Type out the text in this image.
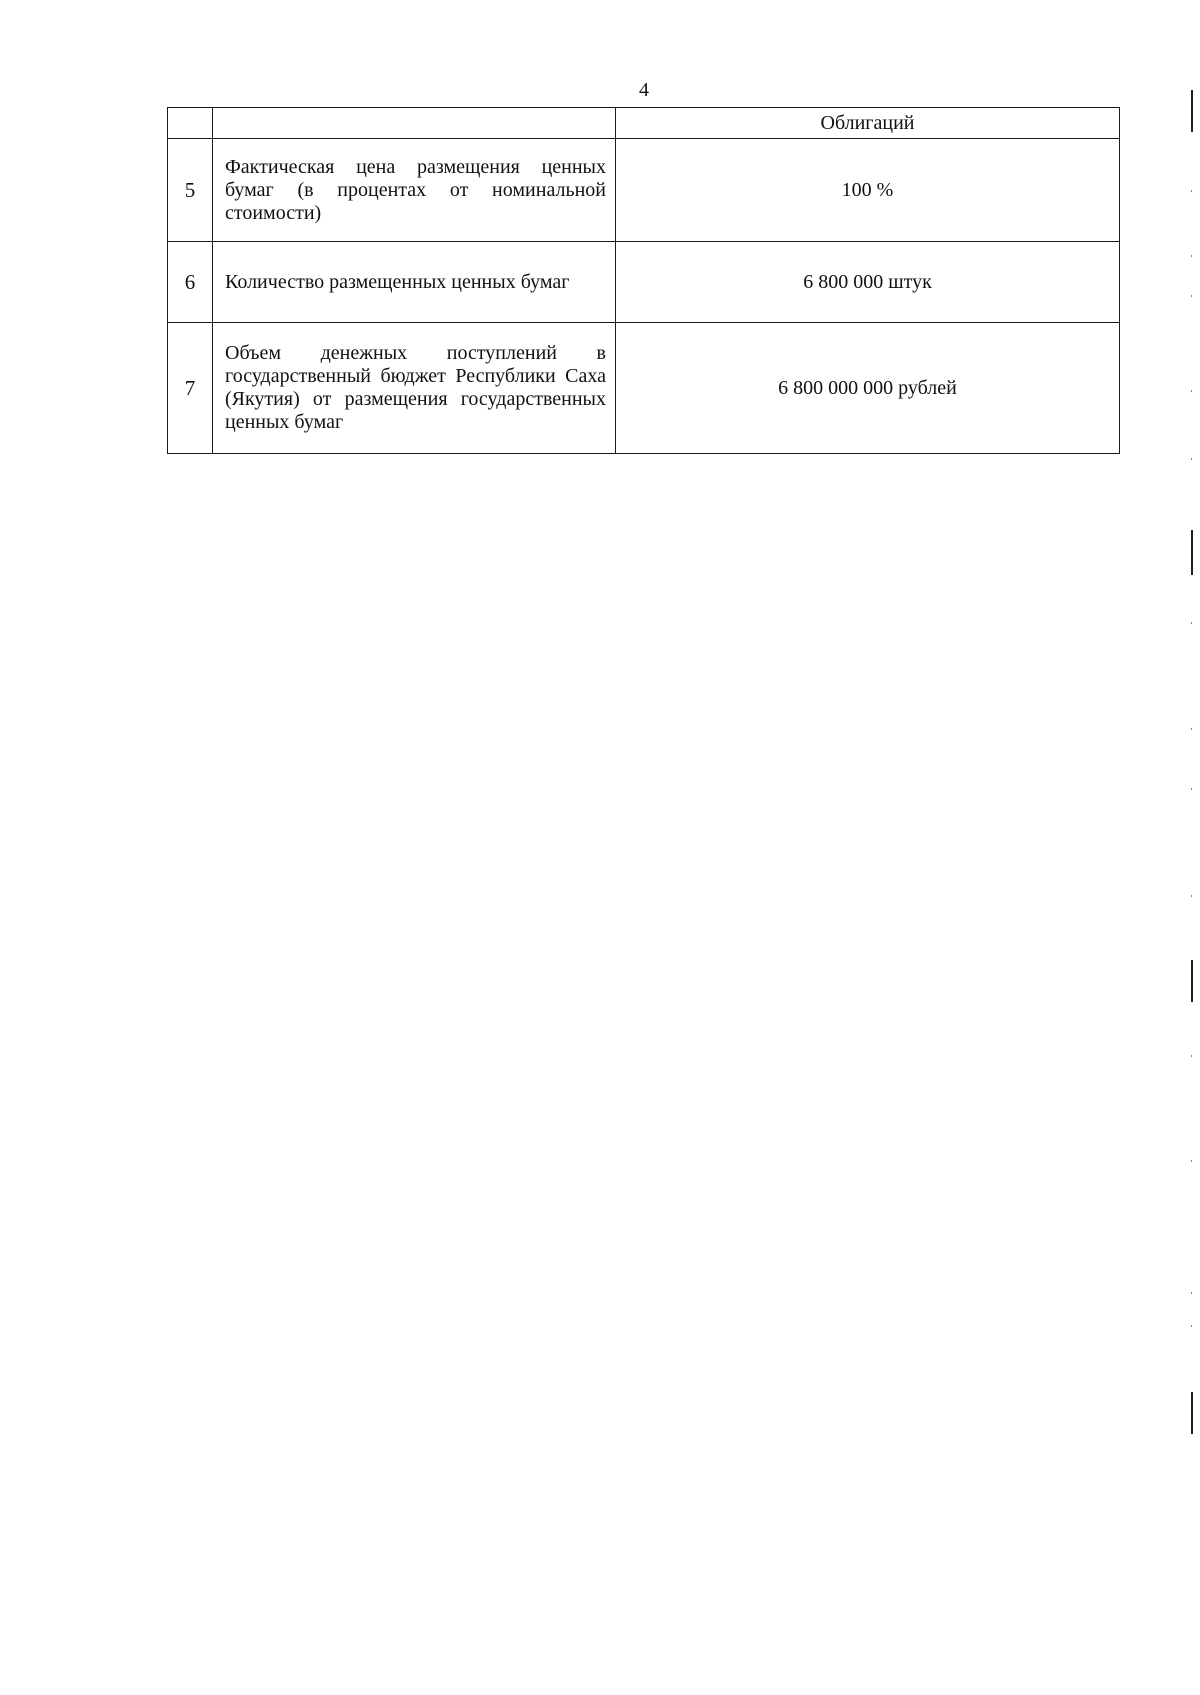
4
		Облигаций
5	Фактическая цена размещения ценных бумаг (в процентах от номинальной стоимости)	100 %
6	Количество размещенных ценных бумаг	6 800 000 штук
7	Объем денежных поступлений в государственный бюджет Республики Саха (Якутия) от размещения государственных ценных бумаг	6 800 000 000 рублей
